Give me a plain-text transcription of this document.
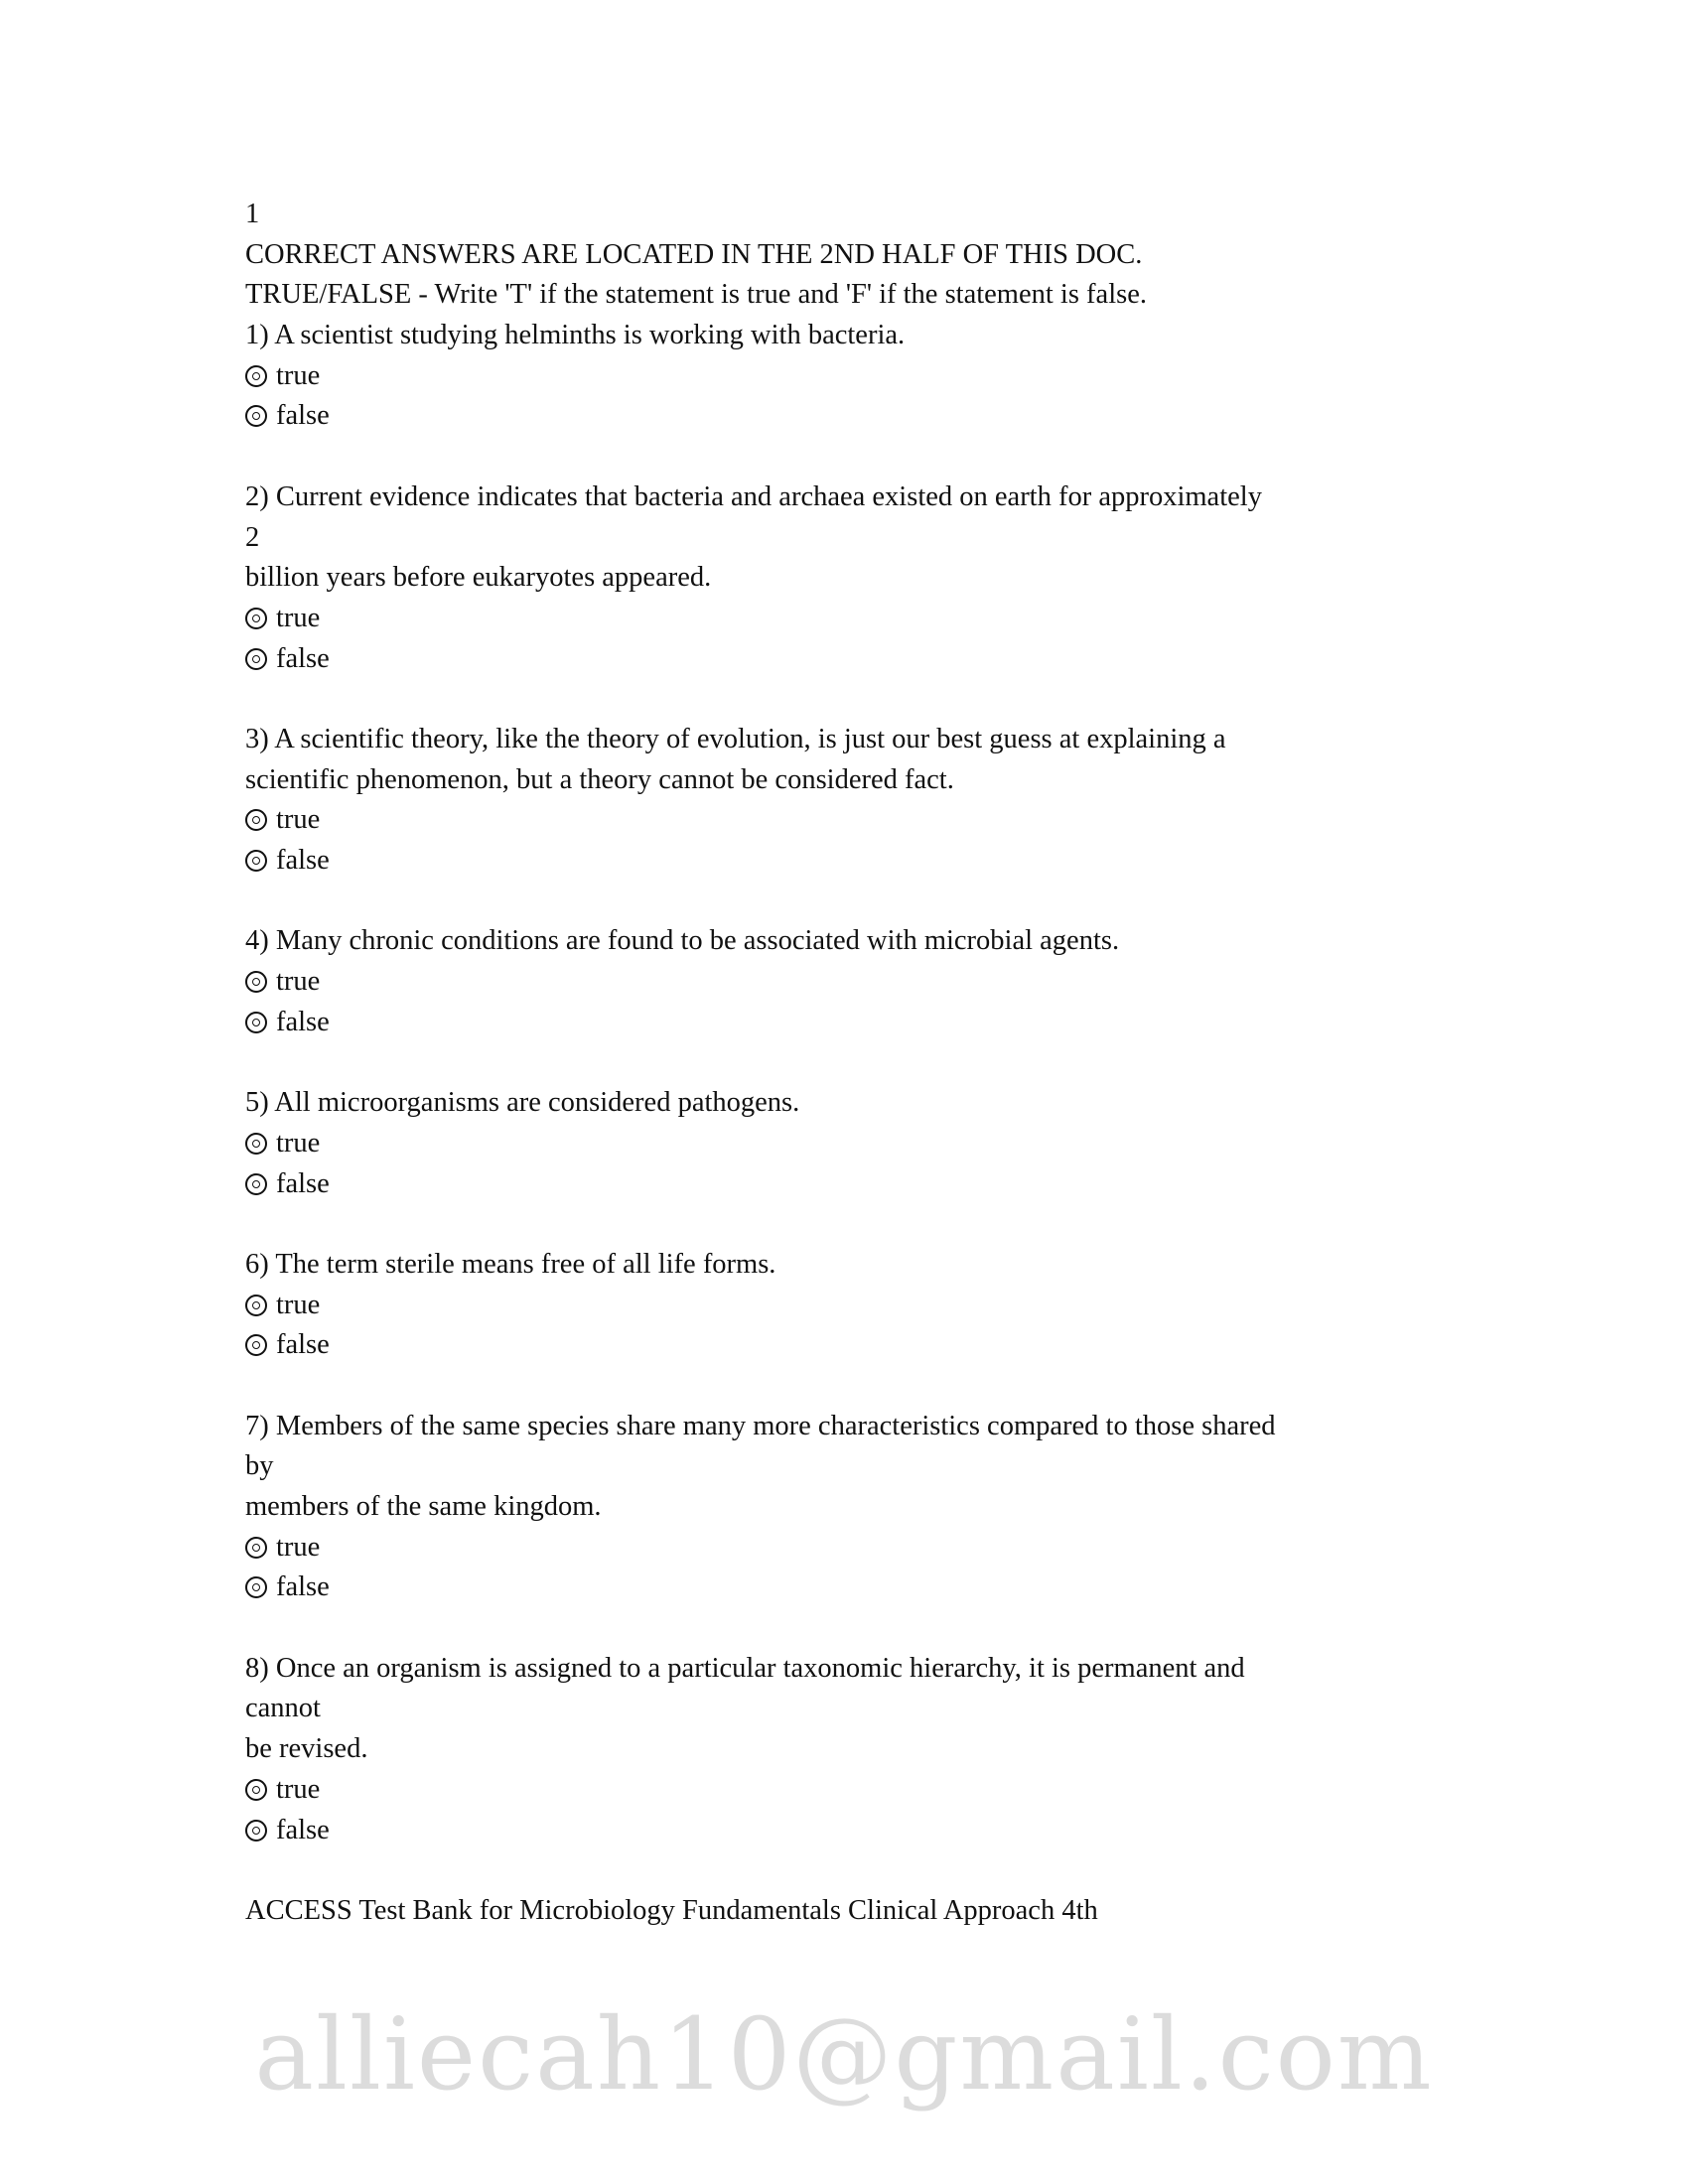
alliecah10@gmail.com
1
CORRECT ANSWERS ARE LOCATED IN THE 2ND HALF OF THIS DOC.
TRUE/FALSE - Write 'T' if the statement is true and 'F' if the statement is false.
1) A scientist studying helminths is working with bacteria.
true
false
2) Current evidence indicates that bacteria and archaea existed on earth for approximately
2
billion years before eukaryotes appeared.
true
false
3) A scientific theory, like the theory of evolution, is just our best guess at explaining a
scientific phenomenon, but a theory cannot be considered fact.
true
false
4) Many chronic conditions are found to be associated with microbial agents.
true
false
5) All microorganisms are considered pathogens.
true
false
6) The term sterile means free of all life forms.
true
false
7) Members of the same species share many more characteristics compared to those shared
by
members of the same kingdom.
true
false
8) Once an organism is assigned to a particular taxonomic hierarchy, it is permanent and
cannot
be revised.
true
false
ACCESS Test Bank for Microbiology Fundamentals Clinical Approach 4th
